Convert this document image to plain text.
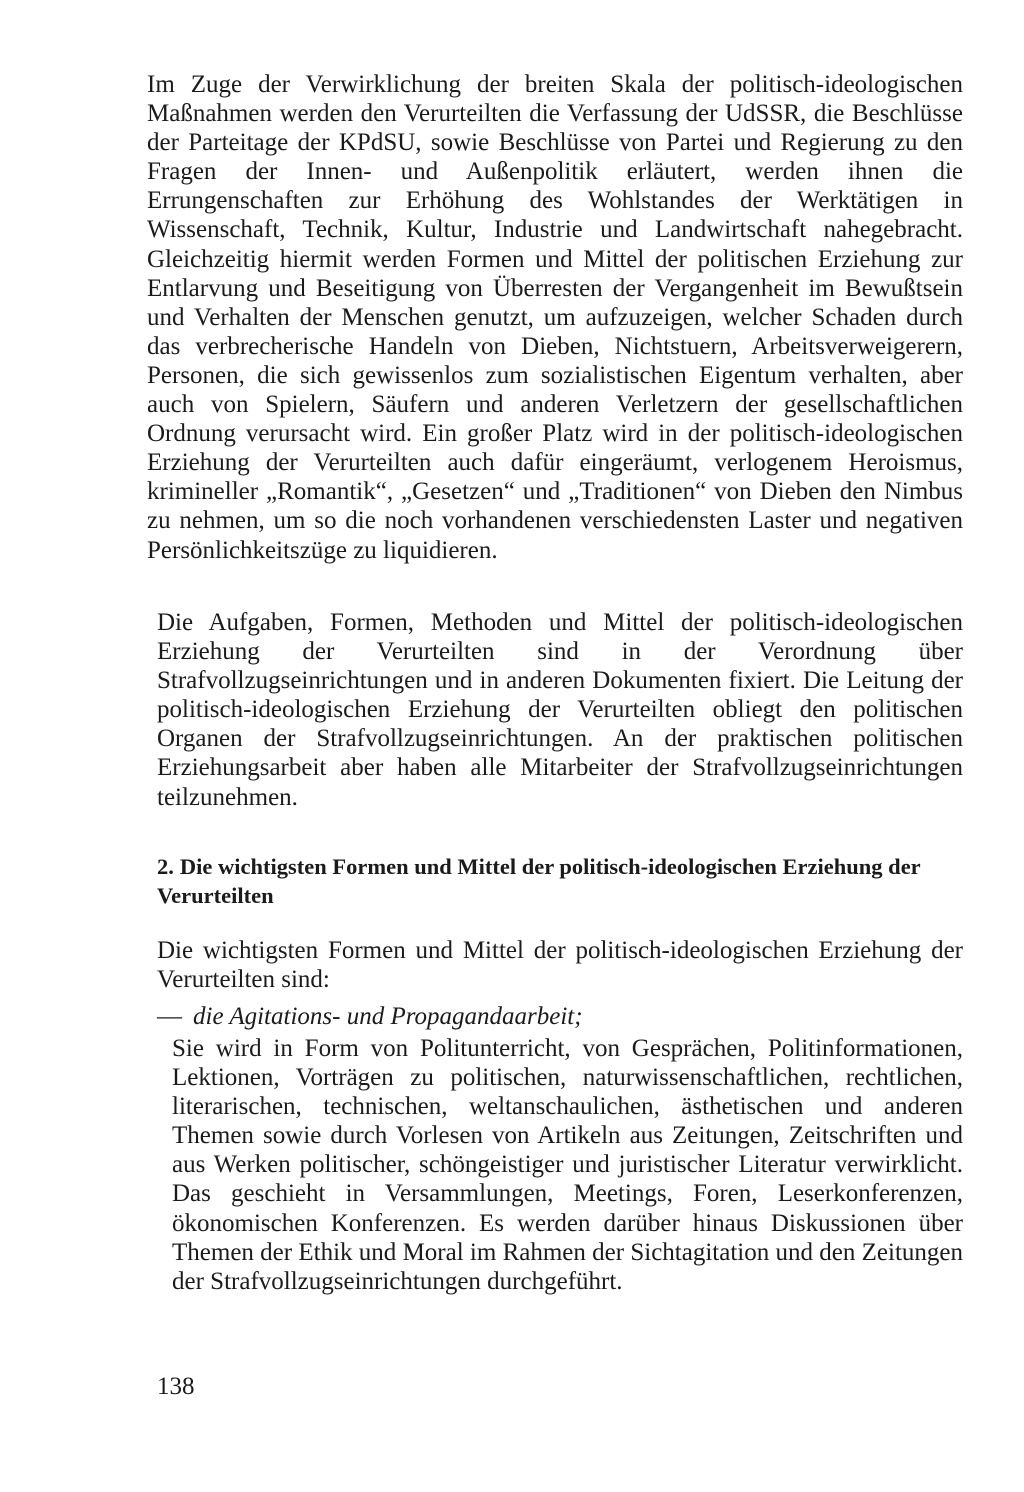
Im Zuge der Verwirklichung der breiten Skala der politisch-ideologischen Maßnahmen werden den Verurteilten die Verfassung der UdSSR, die Beschlüsse der Parteitage der KPdSU, sowie Beschlüsse von Partei und Regierung zu den Fragen der Innen- und Außenpolitik erläutert, werden ihnen die Errungenschaften zur Erhöhung des Wohlstandes der Werktätigen in Wissenschaft, Technik, Kultur, Industrie und Landwirtschaft nahegebracht. Gleichzeitig hiermit werden Formen und Mittel der politischen Erziehung zur Entlarvung und Beseitigung von Überresten der Vergangenheit im Bewußtsein und Verhalten der Menschen genutzt, um aufzuzeigen, welcher Schaden durch das verbrecherische Handeln von Dieben, Nichtstuern, Arbeitsverweigerern, Personen, die sich gewissenlos zum sozialistischen Eigentum verhalten, aber auch von Spielern, Säufern und anderen Verletzern der gesellschaftlichen Ordnung verursacht wird. Ein großer Platz wird in der politisch-ideologischen Erziehung der Verurteilten auch dafür eingeräumt, verlogenem Heroismus, krimineller „Romantik“, „Gesetzen“ und „Traditionen“ von Dieben den Nimbus zu nehmen, um so die noch vorhandenen verschiedensten Laster und negativen Persönlichkeitszüge zu liquidieren.

Die Aufgaben, Formen, Methoden und Mittel der politisch-ideologischen Erziehung der Verurteilten sind in der Verordnung über Strafvollzugseinrichtungen und in anderen Dokumenten fixiert. Die Leitung der politisch-ideologischen Erziehung der Verurteilten obliegt den politischen Organen der Strafvollzugseinrichtungen. An der praktischen politischen Erziehungsarbeit aber haben alle Mitarbeiter der Strafvollzugseinrichtungen teilzunehmen.

2. Die wichtigsten Formen und Mittel der politisch-ideologischen Erziehung der Verurteilten

Die wichtigsten Formen und Mittel der politisch-ideologischen Erziehung der Verurteilten sind:

— die Agitations- und Propagandaarbeit;

Sie wird in Form von Politunterricht, von Gesprächen, Politinformationen, Lektionen, Vorträgen zu politischen, naturwissenschaftlichen, rechtlichen, literarischen, technischen, weltanschaulichen, ästhetischen und anderen Themen sowie durch Vorlesen von Artikeln aus Zeitungen, Zeitschriften und aus Werken politischer, schöngeistiger und juristischer Literatur verwirklicht. Das geschieht in Versammlungen, Meetings, Foren, Leserkonferenzen, ökonomischen Konferenzen. Es werden darüber hinaus Diskussionen über Themen der Ethik und Moral im Rahmen der Sichtagitation und den Zeitungen der Strafvollzugseinrichtungen durchgeführt.

138
